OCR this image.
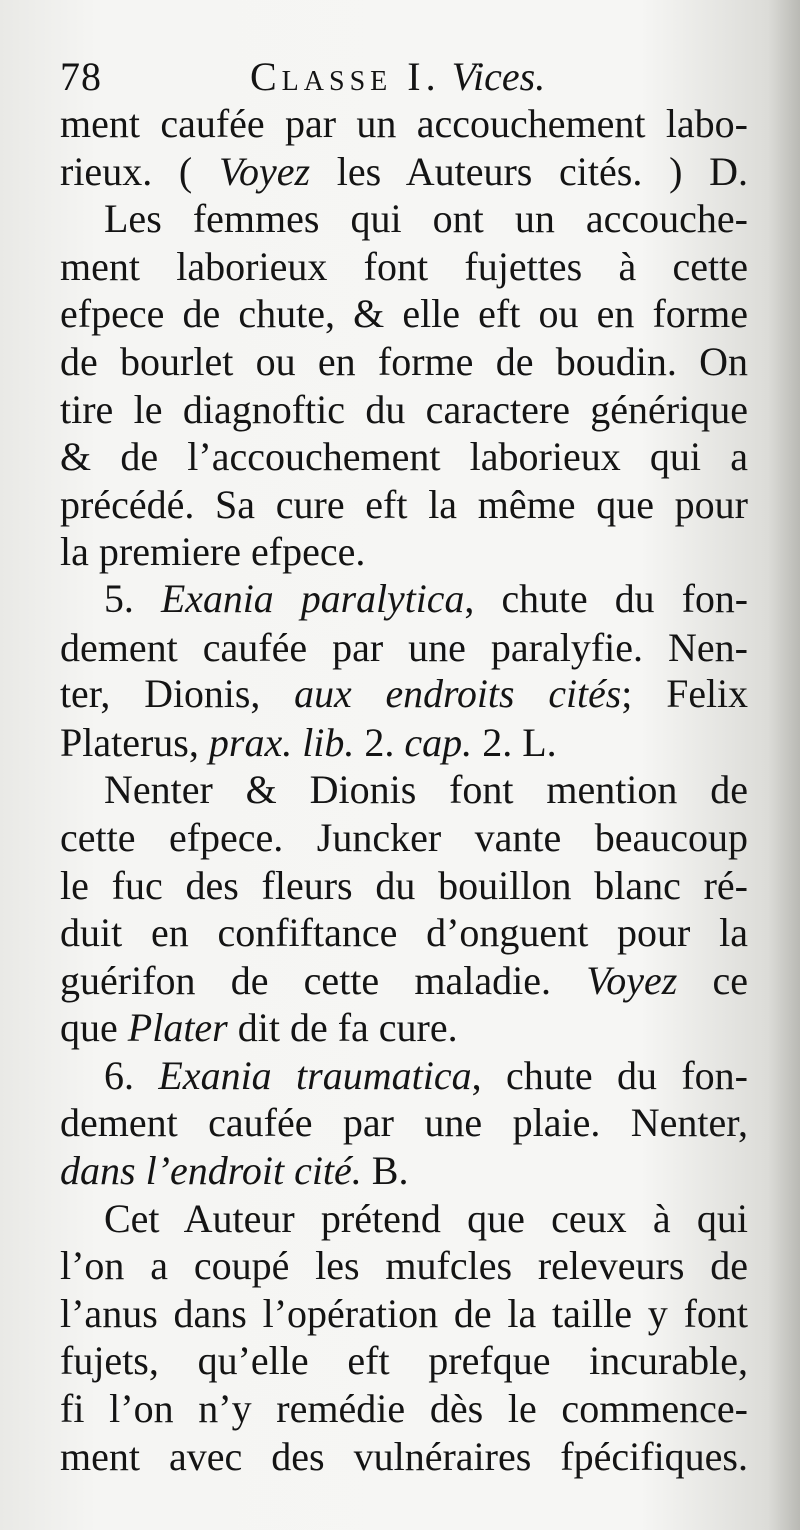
78	Classe I. Vices.
ment caufée par un accouchement labo-
rieux. ( Voyez les Auteurs cités. ) D.
Les femmes qui ont un accouche-
ment laborieux font fujettes à cette
efpece de chute, & elle eft ou en forme
de bourlet ou en forme de boudin. On
tire le diagnoftic du caractere générique
& de l’accouchement laborieux qui a
précédé. Sa cure eft la même que pour
la premiere efpece.
5. Exania paralytica, chute du fon-
dement caufée par une paralyfie. Nen-
ter, Dionis, aux endroits cités; Felix
Platerus, prax. lib. 2. cap. 2. L.
Nenter & Dionis font mention de
cette efpece. Juncker vante beaucoup
le fuc des fleurs du bouillon blanc ré-
duit en confiftance d’onguent pour la
guérifon de cette maladie. Voyez ce
que Plater dit de fa cure.
6. Exania traumatica, chute du fon-
dement caufée par une plaie. Nenter,
dans l’endroit cité. B.
Cet Auteur prétend que ceux à qui
l’on a coupé les mufcles releveurs de
l’anus dans l’opération de la taille y font
fujets, qu’elle eft prefque incurable,
fi l’on n’y remédie dès le commence-
ment avec des vulnéraires fpécifiques.
